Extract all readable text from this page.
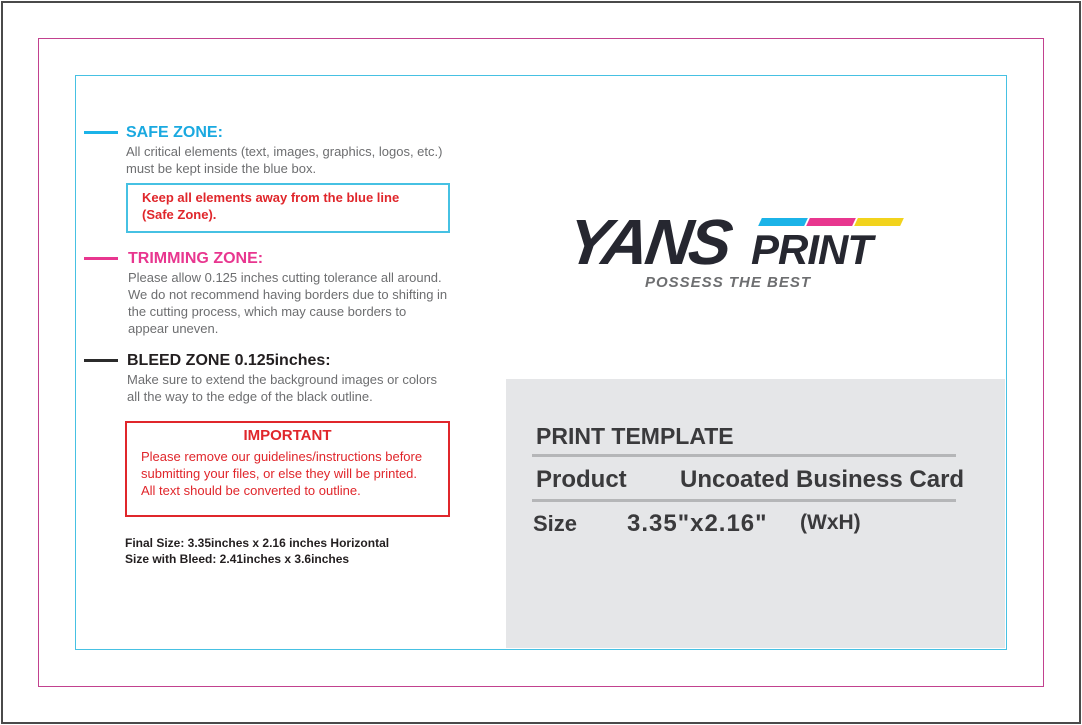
SAFE ZONE:
All critical elements (text, images, graphics, logos, etc.)
must be kept inside the blue box.
Keep all elements away from the blue line
(Safe Zone).
TRIMMING ZONE:
Please allow 0.125 inches cutting tolerance all around.
We do not recommend having borders due to shifting in
the cutting process, which may cause borders to
appear uneven.
BLEED ZONE 0.125inches:
Make sure to extend the background images or colors
all the way to the edge of the black outline.
IMPORTANT
Please remove our guidelines/instructions before
submitting your files, or else they will be printed.
All text should be converted to outline.
Final Size: 3.35inches x 2.16 inches Horizontal
Size with Bleed: 2.41inches x 3.6inches
YANS PRINT
POSSESS THE BEST
PRINT TEMPLATE
Product Uncoated Business Card
Size 3.35"x2.16" (WxH)
